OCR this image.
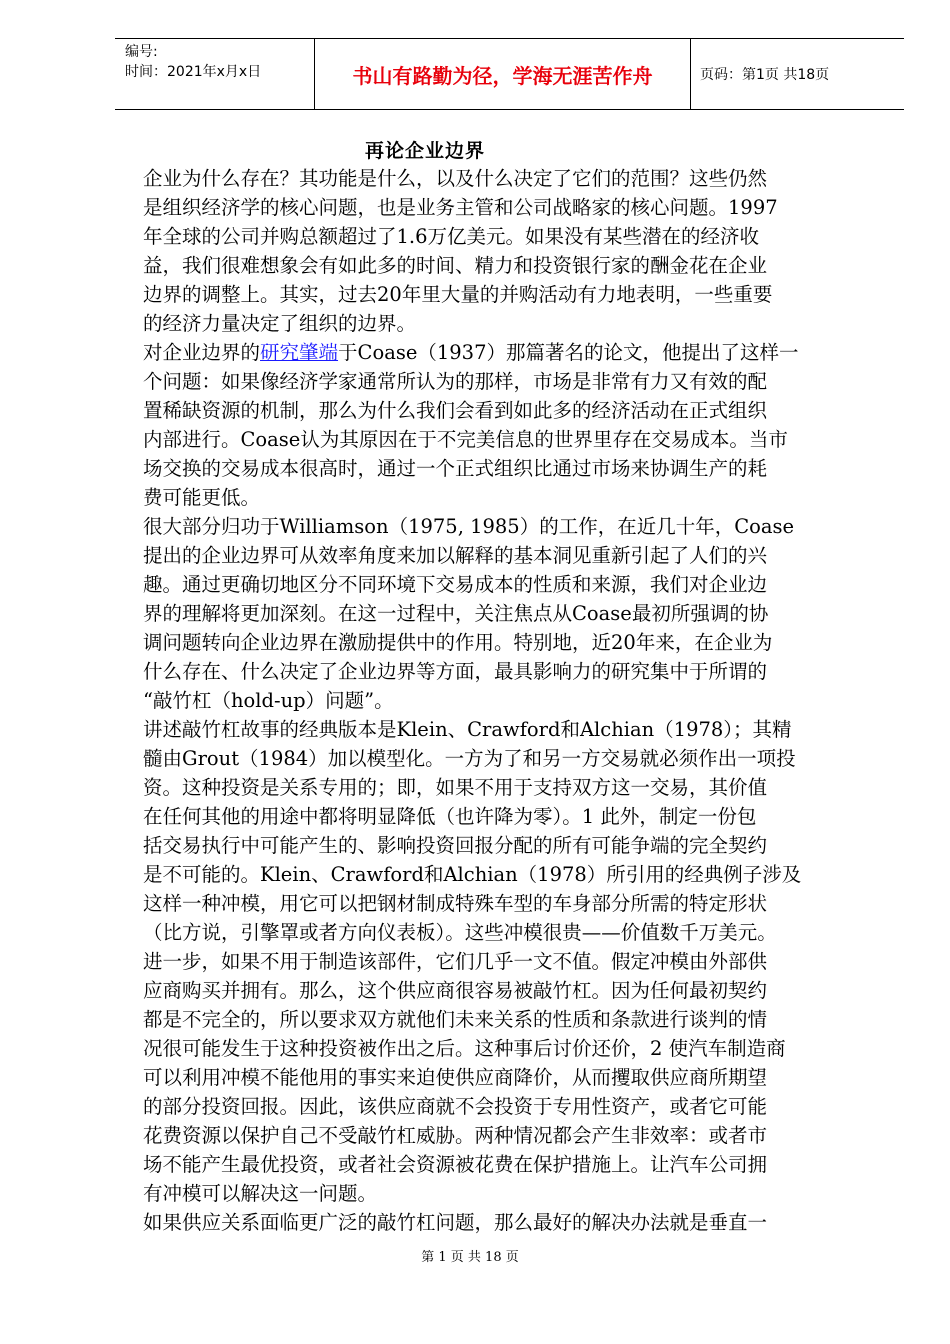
编号:
时间：2021年x月x日	书山有路勤为径，学海无涯苦作舟	页码：第1页 共18页
再论企业边界
企业为什么存在？其功能是什么，以及什么决定了它们的范围？这些仍然
是组织经济学的核心问题，也是业务主管和公司战略家的核心问题。1997
年全球的公司并购总额超过了1.6万亿美元。如果没有某些潜在的经济收
益，我们很难想象会有如此多的时间、精力和投资银行家的酬金花在企业
边界的调整上。其实，过去20年里大量的并购活动有力地表明，一些重要
的经济力量决定了组织的边界。
对企业边界的研究肇端于Coase（1937）那篇著名的论文，他提出了这样一
个问题：如果像经济学家通常所认为的那样，市场是非常有力又有效的配
置稀缺资源的机制，那么为什么我们会看到如此多的经济活动在正式组织
内部进行。Coase认为其原因在于不完美信息的世界里存在交易成本。当市
场交换的交易成本很高时，通过一个正式组织比通过市场来协调生产的耗
费可能更低。
很大部分归功于Williamson（1975, 1985）的工作，在近几十年，Coase
提出的企业边界可从效率角度来加以解释的基本洞见重新引起了人们的兴
趣。通过更确切地区分不同环境下交易成本的性质和来源，我们对企业边
界的理解将更加深刻。在这一过程中，关注焦点从Coase最初所强调的协
调问题转向企业边界在激励提供中的作用。特别地，近20年来，在企业为
什么存在、什么决定了企业边界等方面，最具影响力的研究集中于所谓的
“敲竹杠（hold-up）问题”。
讲述敲竹杠故事的经典版本是Klein、Crawford和Alchian（1978）；其精
髓由Grout（1984）加以模型化。一方为了和另一方交易就必须作出一项投
资。这种投资是关系专用的；即，如果不用于支持双方这一交易，其价值
在任何其他的用途中都将明显降低（也许降为零）。1 此外，制定一份包
括交易执行中可能产生的、影响投资回报分配的所有可能争端的完全契约
是不可能的。Klein、Crawford和Alchian（1978）所引用的经典例子涉及
这样一种冲模，用它可以把钢材制成特殊车型的车身部分所需的特定形状
（比方说，引擎罩或者方向仪表板）。这些冲模很贵——价值数千万美元。
进一步，如果不用于制造该部件，它们几乎一文不值。假定冲模由外部供
应商购买并拥有。那么，这个供应商很容易被敲竹杠。因为任何最初契约
都是不完全的，所以要求双方就他们未来关系的性质和条款进行谈判的情
况很可能发生于这种投资被作出之后。这种事后讨价还价，2 使汽车制造商
可以利用冲模不能他用的事实来迫使供应商降价，从而攫取供应商所期望
的部分投资回报。因此，该供应商就不会投资于专用性资产，或者它可能
花费资源以保护自己不受敲竹杠威胁。两种情况都会产生非效率：或者市
场不能产生最优投资，或者社会资源被花费在保护措施上。让汽车公司拥
有冲模可以解决这一问题。
如果供应关系面临更广泛的敲竹杠问题，那么最好的解决办法就是垂直一
第 1 页 共 18 页
